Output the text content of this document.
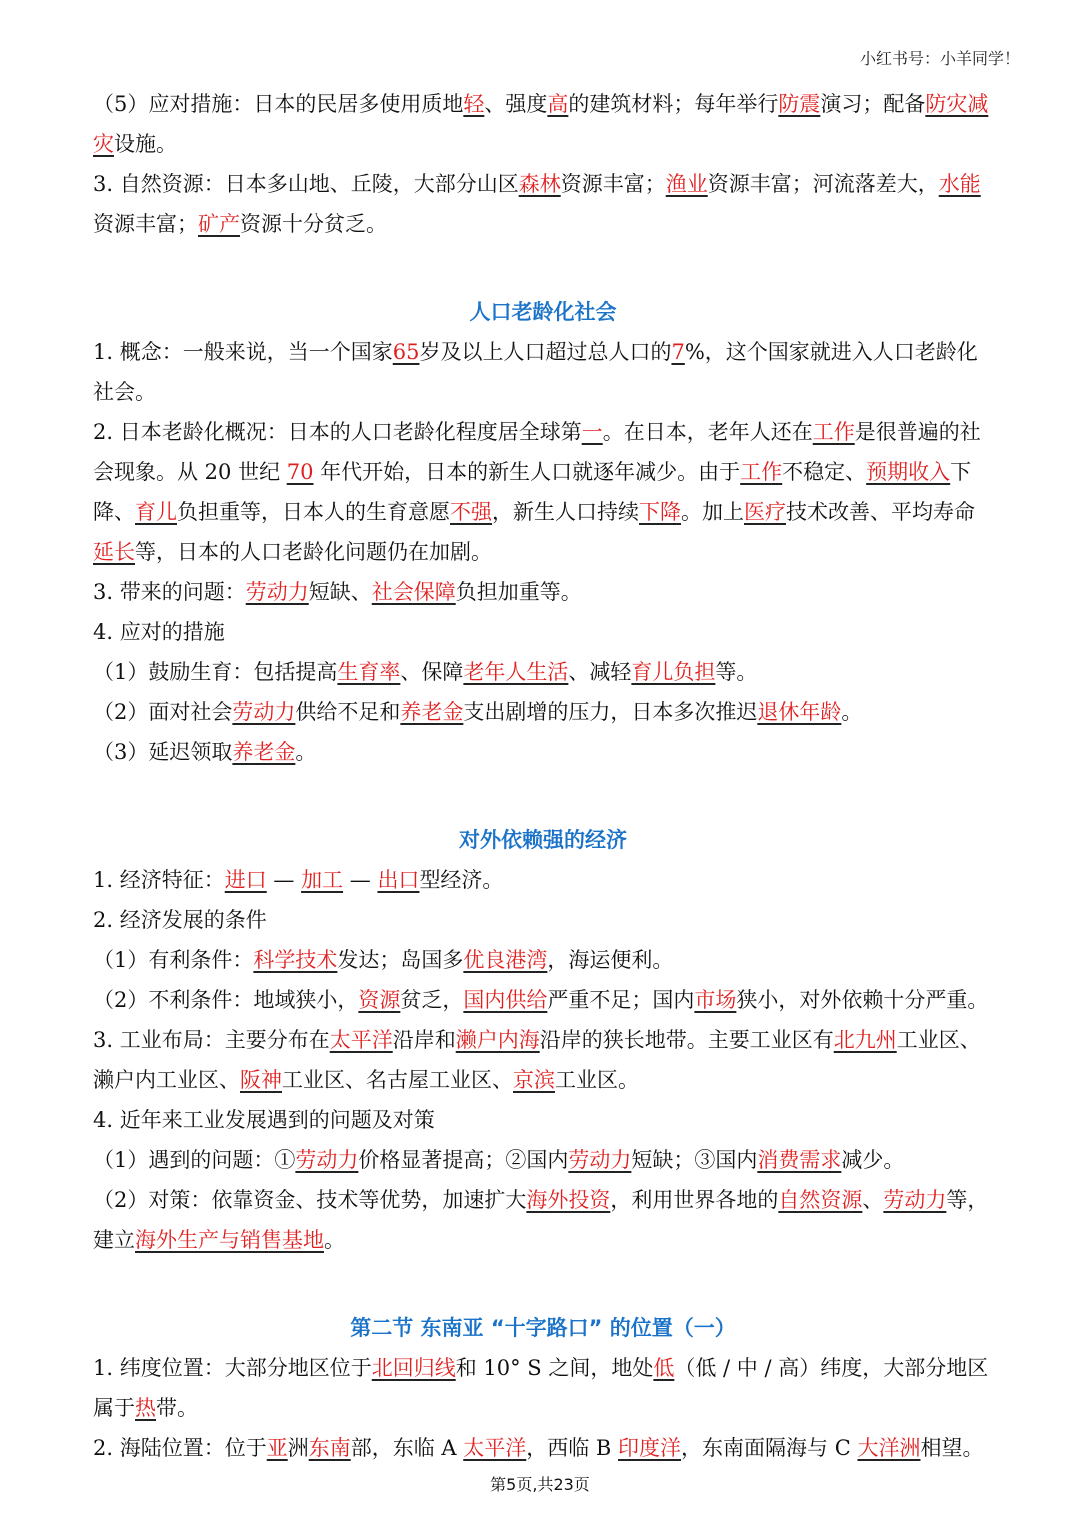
小红书号：小羊同学！

（5）应对措施：日本的民居多使用质地轻、强度高的建筑材料；每年举行防震演习；配备防灾减灾设施。

3. 自然资源：日本多山地、丘陵，大部分山区森林资源丰富；渔业资源丰富；河流落差大，水能资源丰富；矿产资源十分贫乏。

人口老龄化社会

1. 概念：一般来说，当一个国家65岁及以上人口超过总人口的7%，这个国家就进入人口老龄化社会。

2. 日本老龄化概况：日本的人口老龄化程度居全球第一。在日本，老年人还在工作是很普遍的社会现象。从 20 世纪 70 年代开始，日本的新生人口就逐年减少。由于工作不稳定、预期收入下降、育儿负担重等，日本人的生育意愿不强，新生人口持续下降。加上医疗技术改善、平均寿命延长等，日本的人口老龄化问题仍在加剧。

3. 带来的问题：劳动力短缺、社会保障负担加重等。

4. 应对的措施

（1）鼓励生育：包括提高生育率、保障老年人生活、减轻育儿负担等。

（2）面对社会劳动力供给不足和养老金支出剧增的压力，日本多次推迟退休年龄。

（3）延迟领取养老金。

对外依赖强的经济

1. 经济特征：进口 — 加工 — 出口型经济。

2. 经济发展的条件

（1）有利条件：科学技术发达；岛国多优良港湾，海运便利。

（2）不利条件：地域狭小，资源贫乏，国内供给严重不足；国内市场狭小，对外依赖十分严重。

3. 工业布局：主要分布在太平洋沿岸和濑户内海沿岸的狭长地带。主要工业区有北九州工业区、濑户内工业区、阪神工业区、名古屋工业区、京滨工业区。

4. 近年来工业发展遇到的问题及对策

（1）遇到的问题：①劳动力价格显著提高；②国内劳动力短缺；③国内消费需求减少。

（2）对策：依靠资金、技术等优势，加速扩大海外投资，利用世界各地的自然资源、劳动力等，建立海外生产与销售基地。

第二节 东南亚 “十字路口” 的位置（一）

1. 纬度位置：大部分地区位于北回归线和 10° S 之间，地处低（低 / 中 / 高）纬度，大部分地区属于热带。

2. 海陆位置：位于亚洲东南部，东临 A 太平洋，西临 B 印度洋，东南面隔海与 C 大洋洲相望。

第5页,共23页
